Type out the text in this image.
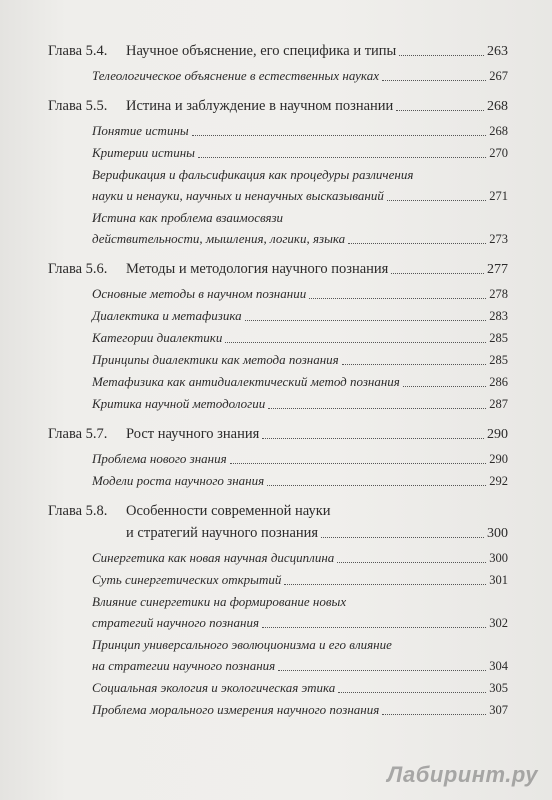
Глава 5.4.	Научное объяснение, его специфика и типы	263
Телеологическое объяснение в естественных науках	267
Глава 5.5.	Истина и заблуждение в научном познании	268
Понятие истины	268
Критерии истины	270
Верификация и фальсификация как процедуры различения
науки и ненауки, научных и ненаучных высказываний	271
Истина как проблема взаимосвязи
действительности, мышления, логики, языка	273
Глава 5.6.	Методы и методология научного познания	277
Основные методы в научном познании	278
Диалектика и метафизика	283
Категории диалектики	285
Принципы диалектики как метода познания	285
Метафизика как антидиалектический метод познания	286
Критика научной методологии	287
Глава 5.7.	Рост научного знания	290
Проблема нового знания	290
Модели роста научного знания	292
Глава 5.8.	Особенности современной науки
и стратегий научного познания	300
Синергетика как новая научная дисциплина	300
Суть синергетических открытий	301
Влияние синергетики на формирование новых
стратегий научного познания	302
Принцип универсального эволюционизма и его влияние
на стратегии научного познания	304
Социальная экология и экологическая этика	305
Проблема морального измерения научного познания	307
Лабиринт.ру
